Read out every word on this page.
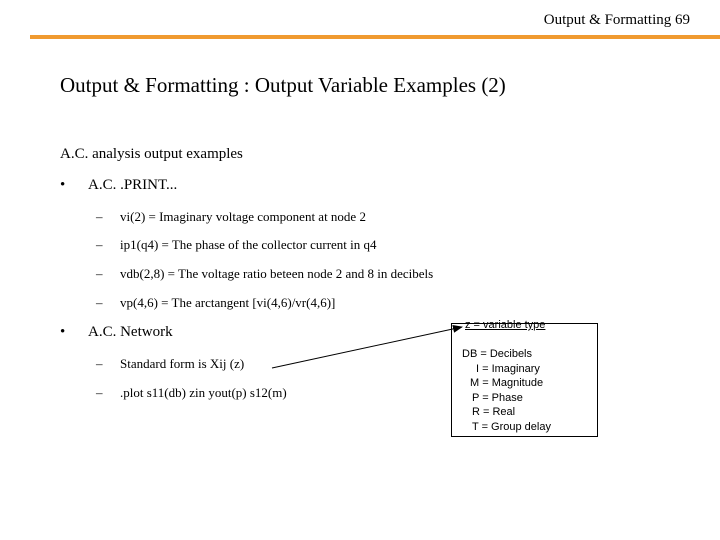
Output & Formatting 69
Output & Formatting : Output Variable Examples (2)
A.C. analysis output examples
• A.C. .PRINT...
– vi(2) = Imaginary voltage component at node 2
– ip1(q4) = The phase of the collector current in q4
– vdb(2,8) = The voltage ratio beteen node 2 and 8 in decibels
– vp(4,6) = The arctangent [vi(4,6)/vr(4,6)]
• A.C. Network
– Standard form is Xij (z)
– .plot s11(db) zin yout(p) s12(m)
z = variable type
DB = Decibels
I = Imaginary
M = Magnitude
P = Phase
R = Real
T = Group delay
